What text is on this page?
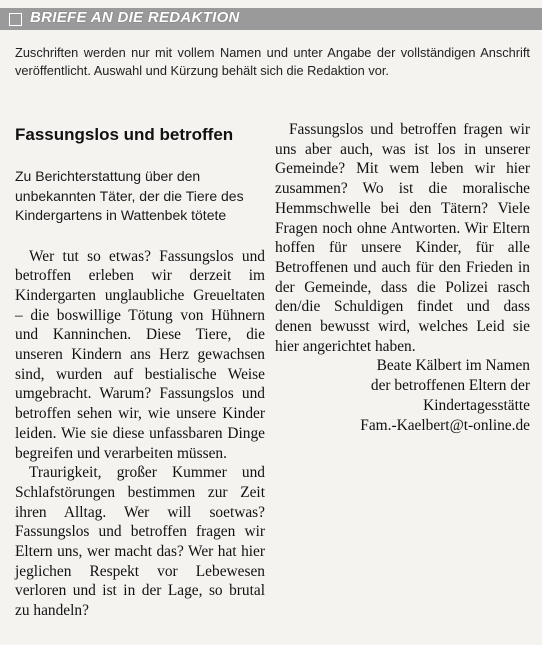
BRIEFE AN DIE REDAKTION
Zuschriften werden nur mit vollem Namen und unter Angabe der vollständigen Anschrift veröffentlicht. Auswahl und Kürzung behält sich die Redaktion vor.
Fassungslos und betroffen

Zu Berichterstattung über den unbekannten Täter, der die Tiere des Kindergartens in Wattenbek tötete

Wer tut so etwas? Fassungslos und betroffen erleben wir derzeit im Kindergarten unglaubliche Greueltaten – die boswillige Tötung von Hühnern und Kanninchen. Diese Tiere, die unseren Kindern ans Herz gewachsen sind, wurden auf bestialische Weise umgebracht. Warum? Fassungslos und betroffen sehen wir, wie unsere Kinder leiden. Wie sie diese unfassbaren Dinge begreifen und verarbeiten müssen.

Traurigkeit, großer Kummer und Schlafstörungen bestimmen zur Zeit ihren Alltag. Wer will soetwas? Fassungslos und betroffen fragen wir Eltern uns, wer macht das? Wer hat hier jeglichen Respekt vor Lebewesen verloren und ist in der Lage, so brutal zu handeln?

Fassungslos und betroffen fragen wir uns aber auch, was ist los in unserer Gemeinde? Mit wem leben wir hier zusammen? Wo ist die moralische Hemmschwelle bei den Tätern? Viele Fragen noch ohne Antworten. Wir Eltern hoffen für unsere Kinder, für alle Betroffenen und auch für den Frieden in der Gemeinde, dass die Polizei rasch den/die Schuldigen findet und dass denen bewusst wird, welches Leid sie hier angerichtet haben.

Beate Kälbert im Namen
der betroffenen Eltern der
Kindertagesstätte
Fam.-Kaelbert@t-online.de
